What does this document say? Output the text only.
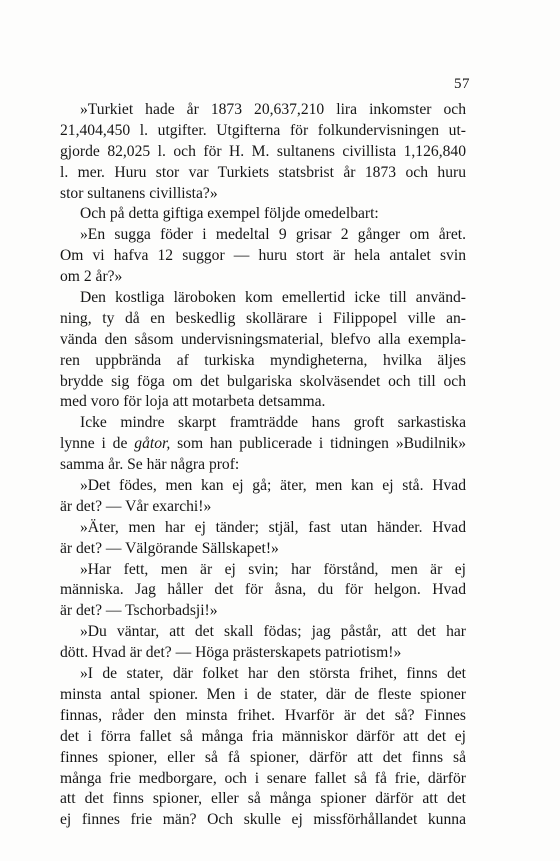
57
»Turkiet hade år 1873 20,637,210 lira inkomster och
21,404,450 l. utgifter. Utgifterna för folkundervisningen ut-
gjorde 82,025 l. och för H. M. sultanens civillista 1,126,840
l. mer. Huru stor var Turkiets statsbrist år 1873 och huru
stor sultanens civillista?»
Och på detta giftiga exempel följde omedelbart:
»En sugga föder i medeltal 9 grisar 2 gånger om året.
Om vi hafva 12 suggor — huru stort är hela antalet svin
om 2 år?»
Den kostliga läroboken kom emellertid icke till använd-
ning, ty då en beskedlig skollärare i Filippopel ville an-
vända den såsom undervisningsmaterial, blefvo alla exempla-
ren uppbrända af turkiska myndigheterna, hvilka äljes
brydde sig föga om det bulgariska skolväsendet och till och
med voro för loja att motarbeta detsamma.
Icke mindre skarpt framträdde hans groft sarkastiska
lynne i de gåtor, som han publicerade i tidningen »Budilnik»
samma år. Se här några prof:
»Det födes, men kan ej gå; äter, men kan ej stå. Hvad
är det? — Vår exarchi!»
»Äter, men har ej tänder; stjäl, fast utan händer. Hvad
är det? — Välgörande Sällskapet!»
»Har fett, men är ej svin; har förstånd, men är ej
människa. Jag håller det för åsna, du för helgon. Hvad
är det? — Tschorbadsji!»
»Du väntar, att det skall födas; jag påstår, att det har
dött. Hvad är det? — Höga prästerskapets patriotism!»
»I de stater, där folket har den största frihet, finns det
minsta antal spioner. Men i de stater, där de fleste spioner
finnas, råder den minsta frihet. Hvarför är det så? Finnes
det i förra fallet så många fria människor därför att det ej
finnes spioner, eller så få spioner, därför att det finns så
många frie medborgare, och i senare fallet så få frie, därför
att det finns spioner, eller så många spioner därför att det
ej finnes frie män? Och skulle ej missförhållandet kunna
